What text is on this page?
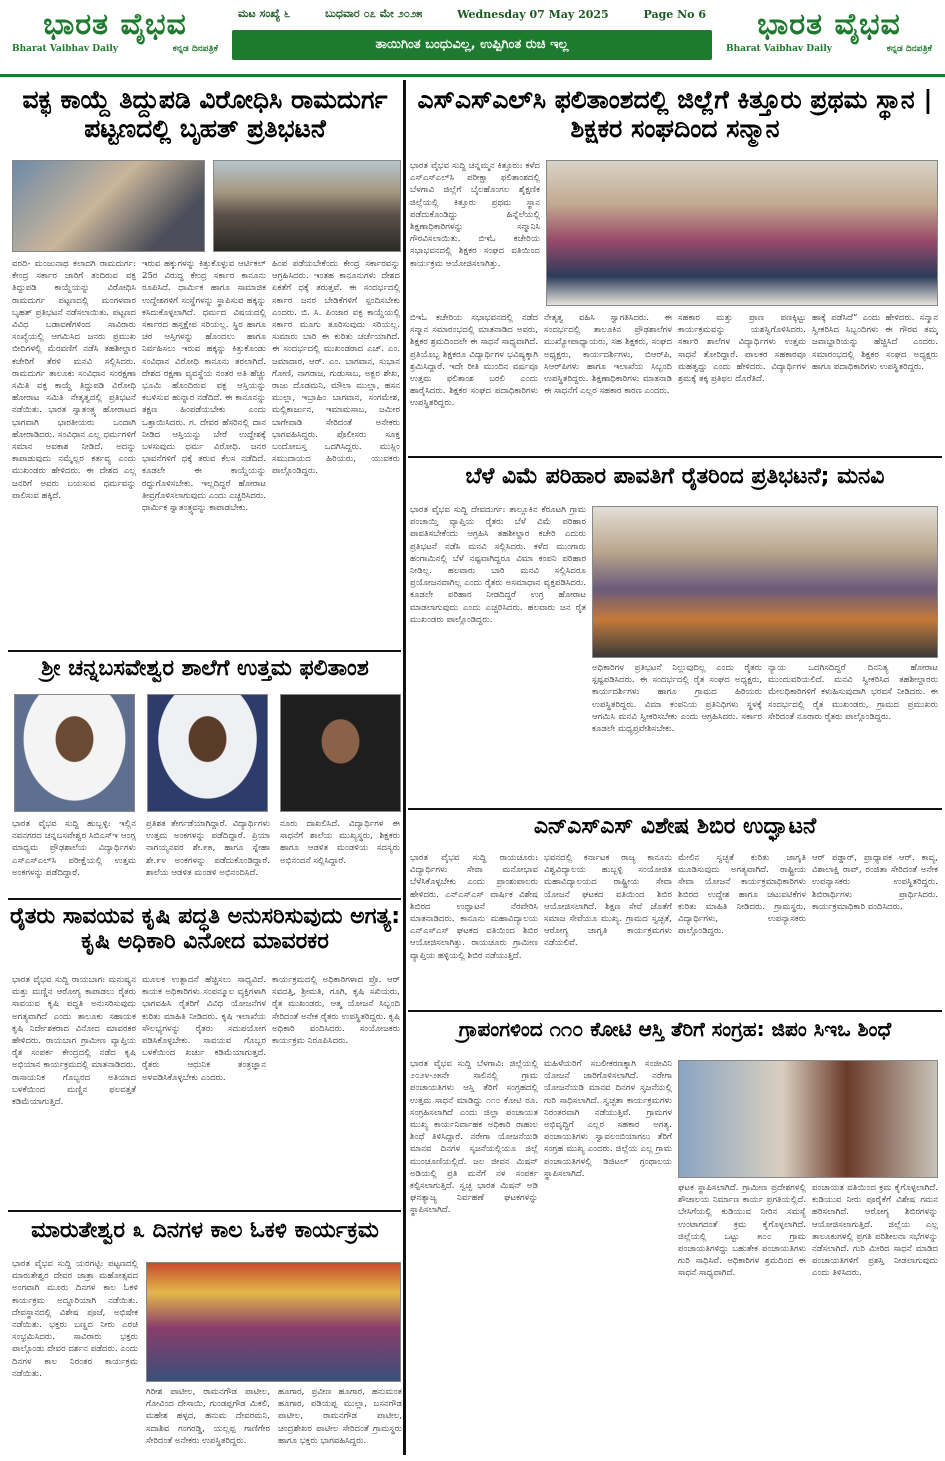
ಭಾರತ ವೈಭವ
Bharat Vaibhav Daily	ಕನ್ನಡ ದಿನಪತ್ರಿಕೆ
ಮಟ ಸಂಖ್ಯೆ ೬	ಬುಧವಾರ ೦೭ ಮೇ ೨೦೨೫	Wednesday 07 May 2025	Page No 6
ತಾಯಿಗಿಂತ ಬಂಧುವಿಲ್ಲ, ಉಪ್ಪಿಗಿಂತ ರುಚಿ ಇಲ್ಲ
ಭಾರತ ವೈಭವ
Bharat Vaibhav Daily	ಕನ್ನಡ ದಿನಪತ್ರಿಕೆ
ವಕ್ಫ ಕಾಯ್ದೆ ತಿದ್ದುಪಡಿ ವಿರೋಧಿಸಿ ರಾಮದುರ್ಗ ಪಟ್ಟಣದಲ್ಲಿ ಬೃಹತ್ ಪ್ರತಿಭಟನೆ
ವರದಿ- ಮಂಜುನಾಥ ಕಲಾದಗಿ ರಾಮದುರ್ಗ: ಕೇಂದ್ರ ಸರ್ಕಾರ ಜಾರಿಗೆ ತಂದಿರುವ ವಕ್ಫ ತಿದ್ದುಪಡಿ ಕಾಯ್ದೆಯನ್ನು ವಿರೋಧಿಸಿ ರಾಮದುರ್ಗ ಪಟ್ಟಣದಲ್ಲಿ ಮಂಗಳವಾರ ಬೃಹತ್ ಪ್ರತಿಭಟನೆ ನಡೆಸಲಾಯಿತು. ಪಟ್ಟಣದ ವಿವಿಧ ಬಡಾವಣೆಗಳಿಂದ ಸಾವಿರಾರು ಸಂಖ್ಯೆಯಲ್ಲಿ ಆಗಮಿಸಿದ ಜನರು ಪ್ರಮುಖ ಬೀದಿಗಳಲ್ಲಿ ಮೆರವಣಿಗೆ ನಡೆಸಿ ತಹಶೀಲ್ದಾರ ಕಚೇರಿಗೆ ತೆರಳಿ ಮನವಿ ಸಲ್ಲಿಸಿದರು. ರಾಮದುರ್ಗ ತಾಲೂಕು ಸಂವಿಧಾನ ಸಂರಕ್ಷಣಾ ಸಮಿತಿ ವಕ್ಫ ಕಾಯ್ದೆ ತಿದ್ದುಪಡಿ ವಿರೋಧಿ ಹೋರಾಟ ಸಮಿತಿ ನೇತೃತ್ವದಲ್ಲಿ ಪ್ರತಿಭಟನೆ ನಡೆಯಿತು. ಭಾರತ ಸ್ವಾತಂತ್ರ್ಯ ಹೋರಾಟದ ಭಾಗವಾಗಿ ಭಾರತೀಯರು ಒಂದಾಗಿ ಹೋರಾಡಿದರು. ಸಂವಿಧಾನ ಎಲ್ಲ ಧರ್ಮಗಳಿಗೆ ಸಮಾನ ಅವಕಾಶ ನೀಡಿದೆ. ಅದನ್ನು ಕಾಪಾಡುವುದು ನಮ್ಮೆಲ್ಲರ ಕರ್ತವ್ಯ ಎಂದು ಮುಖಂಡರು ಹೇಳಿದರು. ಈ ದೇಶದ ಎಲ್ಲ ಜನರಿಗೆ ಅವರು ಬಯಸುವ ಧರ್ಮವನ್ನು ಪಾಲಿಸುವ ಹಕ್ಕಿದೆ.
ಇರುವ ಹಕ್ಕುಗಳನ್ನು ಕಿತ್ತುಕೊಳ್ಳುವ ಆರ್ಟಿಕಲ್ 25ರ ವಿರುದ್ಧ ಕೇಂದ್ರ ಸರ್ಕಾರ ಕಾನೂನು ರೂಪಿಸಿದೆ. ಧಾರ್ಮಿಕ ಹಾಗೂ ಸಾಮಾಜಿಕ ಉದ್ದೇಶಗಳಿಗೆ ಸಂಸ್ಥೆಗಳನ್ನು ಸ್ಥಾಪಿಸುವ ಹಕ್ಕನ್ನು ಕಸಿದುಕೊಳ್ಳಲಾಗಿದೆ. ಧರ್ಮದ ವಿಷಯದಲ್ಲಿ ಸರ್ಕಾರದ ಹಸ್ತಕ್ಷೇಪ ಸರಿಯಲ್ಲ. ಸ್ಥಿರ ಹಾಗೂ ಚರ ಆಸ್ತಿಗಳನ್ನು ಹೊಂದಲು ಹಾಗೂ ನಿರ್ವಹಿಸಲು ಇರುವ ಹಕ್ಕನ್ನು ಕಿತ್ತುಕೊಂಡು ಸಂವಿಧಾನ ವಿರೋಧಿ ಕಾನೂನು ತರಲಾಗಿದೆ. ದೇಶದ ರಕ್ಷಣಾ ವ್ಯವಸ್ಥೆಯ ನಂತರ ಅತಿ ಹೆಚ್ಚು ಭೂಮಿ ಹೊಂದಿರುವ ವಕ್ಫ ಆಸ್ತಿಯನ್ನು ಕಬಳಿಸುವ ಹುನ್ನಾರ ನಡೆದಿದೆ. ಈ ಕಾನೂನನ್ನು ತಕ್ಷಣ ಹಿಂಪಡೆಯಬೇಕು ಎಂದು ಒತ್ತಾಯಿಸಿದರು. ಗ. ದೇವರ ಹೆಸರಿನಲ್ಲಿ ದಾನ ನೀಡಿದ ಆಸ್ತಿಯನ್ನು ಬೇರೆ ಉದ್ದೇಶಕ್ಕೆ ಬಳಸುವುದು ಧರ್ಮ ವಿರೋಧಿ. ಜನರ ಭಾವನೆಗಳಿಗೆ ಧಕ್ಕೆ ತರುವ ಕೆಲಸ ನಡೆದಿದೆ. ಕೂಡಲೇ ಈ ಕಾಯ್ದೆಯನ್ನು ರದ್ದುಗೊಳಿಸಬೇಕು. ಇಲ್ಲದಿದ್ದರೆ ಹೋರಾಟ ತೀವ್ರಗೊಳಿಸಲಾಗುವುದು ಎಂದು ಎಚ್ಚರಿಸಿದರು. ಧಾರ್ಮಿಕ ಸ್ವಾತಂತ್ರ್ಯವನ್ನು ಕಾಪಾಡಬೇಕು.
ಹಿಂಪ ಪಡೆಯಬೇಕೆಂದು ಕೇಂದ್ರ ಸರ್ಕಾರವನ್ನು ಆಗ್ರಹಿಸಿದರು. ಇಂತಹ ಕಾನೂನುಗಳು ದೇಶದ ಏಕತೆಗೆ ಧಕ್ಕೆ ತರುತ್ತವೆ. ಈ ಸಂದರ್ಭದಲ್ಲಿ ಸರ್ಕಾರ ಜನರ ಬೇಡಿಕೆಗಳಿಗೆ ಸ್ಪಂದಿಸಬೇಕು ಎಂದರು. ಬಿ. ಸಿ. ಪಿಂಜಾರ ವಕ್ಫ ಕಾಯ್ದೆಯಲ್ಲಿ ಸರ್ಕಾರ ಮೂಗು ತೂರಿಸುವುದು ಸರಿಯಲ್ಲ. ಸುಮಾರು ಬಾರಿ ಈ ಕುರಿತು ಚರ್ಚೆಯಾಗಿದೆ. ಈ ಸಂದರ್ಭದಲ್ಲಿ ಮುಖಂಡರಾದ ಎಚ್. ಎಂ. ಜಮಾದಾರ, ಆರ್. ಎಂ. ಬಾಗವಾನ, ಸುಭಾನ ಗೋಣಿ, ನಾಗರಾಜ, ಗುಡುಸಾಬ, ಅಕ್ಬರ ಶೇಖ, ರಾಜು ದೊಡಮನಿ, ಮೌಲಾ ಮುಲ್ಲಾ, ಹಸನ ಮುಲ್ಲಾ, ಇಬ್ರಾಹಿಂ ಬಾಗವಾನ, ಸಂಗಮೇಶ, ಮಲ್ಲಿಕಾರ್ಜುನ, ಇಮಾಮಸಾಬ, ಜಮೀರ ಬಾಗೇವಾಡಿ ಸೇರಿದಂತೆ ಅನೇಕರು ಭಾಗವಹಿಸಿದ್ದರು. ಪೊಲೀಸರು ಸೂಕ್ತ ಬಂದೋಬಸ್ತ ಒದಗಿಸಿದ್ದರು. ಮುಸ್ಲಿಂ ಸಮುದಾಯದ ಹಿರಿಯರು, ಯುವಕರು ಪಾಲ್ಗೊಂಡಿದ್ದರು.
ಶ್ರೀ ಚನ್ನಬಸವೇಶ್ವರ ಶಾಲೆಗೆ ಉತ್ತಮ ಫಲಿತಾಂಶ
ಭಾರತ ವೈಭವ ಸುದ್ದಿ ಹುಬ್ಬಳ್ಳಿ: ಇಲ್ಲಿನ ನವನಗರದ ಚನ್ನಬಸವೇಶ್ವರ ಸಿಬಿಎಸ್‌ಇ ಆಂಗ್ಲ ಮಾಧ್ಯಮ ಪ್ರೌಢಶಾಲೆಯ ವಿದ್ಯಾರ್ಥಿಗಳು ಎಸ್‌ಎಸ್‌ಎಲ್‌ಸಿ ಪರೀಕ್ಷೆಯಲ್ಲಿ ಉತ್ತಮ ಅಂಕಗಳನ್ನು ಪಡೆದಿದ್ದಾರೆ.
ಪ್ರತಿಶತ ತೇರ್ಗಡೆಯಾಗಿದ್ದಾರೆ. ವಿದ್ಯಾರ್ಥಿಗಳು ಉತ್ತಮ ಅಂಕಗಳನ್ನು ಪಡೆದಿದ್ದಾರೆ. ಪ್ರಿಯಾ ನಾಗಯ್ಯನವರ ಶೇ.೯೫, ಹಾಗೂ ಸ್ನೇಹಾ ಶೇ.೯೪ ಅಂಕಗಳನ್ನು ಪಡೆದುಕೊಂಡಿದ್ದಾರೆ. ಶಾಲೆಯ ಆಡಳಿತ ಮಂಡಳಿ ಅಭಿನಂದಿಸಿದೆ.
ನೂರು ದಾಖಲಿಸಿದೆ. ವಿದ್ಯಾರ್ಥಿಗಳ ಈ ಸಾಧನೆಗೆ ಶಾಲೆಯ ಮುಖ್ಯಸ್ಥರು, ಶಿಕ್ಷಕರು ಹಾಗೂ ಆಡಳಿತ ಮಂಡಳಿಯ ಸದಸ್ಯರು ಅಭಿನಂದನೆ ಸಲ್ಲಿಸಿದ್ದಾರೆ.
ರೈತರು ಸಾವಯವ ಕೃಷಿ ಪದ್ಧತಿ ಅನುಸರಿಸುವುದು ಅಗತ್ಯ: ಕೃಷಿ ಅಧಿಕಾರಿ ವಿನೋದ ಮಾವರಕರ
ಭಾರತ ವೈಭವ ಸುದ್ದಿ ರಾಯಬಾಗ: ಮನುಷ್ಯನ ಮತ್ತು ಮಣ್ಣಿನ ಆರೋಗ್ಯ ಕಾಪಾಡಲು ರೈತರು ಸಾವಯವ ಕೃಷಿ ಪದ್ಧತಿ ಅನುಸರಿಸುವುದು ಅಗತ್ಯವಾಗಿದೆ ಎಂದು ತಾಲೂಕು ಸಹಾಯಕ ಕೃಷಿ ನಿರ್ದೇಶಕರಾದ ವಿನೋದ ಮಾವರಕರ ಹೇಳಿದರು. ರಾಯಬಾಗ ಗ್ರಾಮೀಣ ವ್ಯಾಪ್ತಿಯ ರೈತ ಸಂಪರ್ಕ ಕೇಂದ್ರದಲ್ಲಿ ನಡೆದ ಕೃಷಿ ಅಭಿಯಾನ ಕಾರ್ಯಕ್ರಮದಲ್ಲಿ ಮಾತನಾಡಿದರು. ರಾಸಾಯನಿಕ ಗೊಬ್ಬರದ ಅತಿಯಾದ ಬಳಕೆಯಿಂದ ಮಣ್ಣಿನ ಫಲವತ್ತತೆ ಕಡಿಮೆಯಾಗುತ್ತಿದೆ.
ಮೂಲಕ ಉತ್ಪಾದನೆ ಹೆಚ್ಚಿಸಲು ಸಾಧ್ಯವಿದೆ. ಕಾಯಕ ಅಧಿಕಾರಿಗಳು ಸಂಪನ್ಮೂಲ ವ್ಯಕ್ತಿಗಳಾಗಿ ಭಾಗವಹಿಸಿ ರೈತರಿಗೆ ವಿವಿಧ ಯೋಜನೆಗಳ ಕುರಿತು ಮಾಹಿತಿ ನೀಡಿದರು. ಕೃಷಿ ಇಲಾಖೆಯ ಸೌಲಭ್ಯಗಳನ್ನು ರೈತರು ಸದುಪಯೋಗ ಪಡಿಸಿಕೊಳ್ಳಬೇಕು. ಸಾವಯವ ಗೊಬ್ಬರ ಬಳಕೆಯಿಂದ ಖರ್ಚು ಕಡಿಮೆಯಾಗುತ್ತದೆ. ರೈತರು ಆಧುನಿಕ ತಂತ್ರಜ್ಞಾನ ಅಳವಡಿಸಿಕೊಳ್ಳಬೇಕು ಎಂದರು.
ಕಾರ್ಯಕ್ರಮದಲ್ಲಿ ಅಧಿಕಾರಿಗಳಾದ ಪ್ರೊ. ಆರ್ ಸವದತ್ತಿ, ಶ್ರೀಮತಿ, ಗೂಗಿ, ಕೃಷಿ ಸಖಿಯರು, ರೈತ ಮುಖಂಡರು, ಆತ್ಮ ಯೋಜನೆ ಸಿಬ್ಬಂದಿ ಸೇರಿದಂತೆ ಅನೇಕ ರೈತರು ಉಪಸ್ಥಿತರಿದ್ದರು. ಕೃಷಿ ಅಧಿಕಾರಿ ವಂದಿಸಿದರು. ಸಂಯೋಜಕರು ಕಾರ್ಯಕ್ರಮ ನಿರೂಪಿಸಿದರು.
ಮಾರುತೇಶ್ವರ ೩ ದಿನಗಳ ಕಾಲ ಓಕಳಿ ಕಾರ್ಯಕ್ರಮ
ಭಾರತ ವೈಭವ ಸುದ್ದಿ ಯರಗಟ್ಟಿ: ಪಟ್ಟಣದಲ್ಲಿ ಮಾರುತೇಶ್ವರ ದೇವರ ಜಾತ್ರಾ ಮಹೋತ್ಸವದ ಅಂಗವಾಗಿ ಮೂರು ದಿನಗಳ ಕಾಲ ಓಕಳಿ ಕಾರ್ಯಕ್ರಮ ಅದ್ದೂರಿಯಾಗಿ ನಡೆಯಿತು. ದೇವಸ್ಥಾನದಲ್ಲಿ ವಿಶೇಷ ಪೂಜೆ, ಅಭಿಷೇಕ ನಡೆಯಿತು. ಭಕ್ತರು ಬಣ್ಣದ ನೀರು ಎರಚಿ ಸಂಭ್ರಮಿಸಿದರು. ಸಾವಿರಾರು ಭಕ್ತರು ಪಾಲ್ಗೊಂಡು ದೇವರ ದರ್ಶನ ಪಡೆದರು. ಎಂದು ದಿನಗಳ ಕಾಲ ನಿರಂತರ ಕಾರ್ಯಕ್ರಮ ನಡೆಯಿತು.
ಗಿರೀಶ ಪಾಟೀಲ, ರಾಮನಗೌಡ ಪಾಟೀಲ, ಗೋವಿಂದ ದೇಸಾಯಿ, ಗುಂಡಪ್ಪಗೌಡ ಮಿಕಲಿ, ಮಹೇಶ ಹಳ್ಳದ, ಹನುಮ ದೇವರಮನಿ, ಸದಾಶಿವ ಗಂಗರಡ್ಡಿ, ಯಲ್ಲಪ್ಪ ಗಾಣಿಗೇರ ಸೇರಿದಂತೆ ಅನೇಕರು ಉಪಸ್ಥಿತರಿದ್ದರು.
ಹೂಗಾರ, ಪ್ರವೀಣ ಹೂಗಾರ, ಹನುಮಂತ ಹೂಗಾರ, ಪಡಿಯಪ್ಪ ಮುಲ್ಲಾ, ಬಸನಗೌಡ ಪಾಟೀಲ, ರಾಮನಗೌಡ ಪಾಟೀಲ, ಚಂದ್ರಶೇಖರ ಪಾಟೀಲ ಸೇರಿದಂತೆ ಗ್ರಾಮಸ್ಥರು ಹಾಗೂ ಭಕ್ತರು ಭಾಗವಹಿಸಿದ್ದರು.
ಎಸ್‌ಎಸ್‌ಎಲ್‌ಸಿ ಫಲಿತಾಂಶದಲ್ಲಿ ಜಿಲ್ಲೆಗೆ ಕಿತ್ತೂರು ಪ್ರಥಮ ಸ್ಥಾನ | ಶಿಕ್ಷಕರ ಸಂಘದಿಂದ ಸನ್ಮಾನ
ಭಾರತ ವೈಭವ ಸುದ್ದಿ ಚನ್ನಮ್ಮನ ಕಿತ್ತೂರು: ಕಳೆದ ಎಸ್‌ಎಸ್‌ಎಲ್‌ಸಿ ಪರೀಕ್ಷಾ ಫಲಿತಾಂಶದಲ್ಲಿ ಬೆಳಗಾವಿ ಜಿಲ್ಲೆಗೆ ಬೈಲಹೊಂಗಲ ಶೈಕ್ಷಣಿಕ ಜಿಲ್ಲೆಯಲ್ಲಿ ಕಿತ್ತೂರು ಪ್ರಥಮ ಸ್ಥಾನ ಪಡೆದುಕೊಂಡಿದ್ದು ಹಿನ್ನೆಲೆಯಲ್ಲಿ ಶಿಕ್ಷಣಾಧಿಕಾರಿಗಳನ್ನು ಸನ್ಮಾನಿಸಿ ಗೌರವಿಸಲಾಯಿತು. ಬಿಇಓ ಕಚೇರಿಯ ಸಭಾಭವನದಲ್ಲಿ ಶಿಕ್ಷಕರ ಸಂಘದ ವತಿಯಿಂದ ಕಾರ್ಯಕ್ರಮ ಆಯೋಜಿಸಲಾಗಿತ್ತು.
ಬಿಇಓ ಕಚೇರಿಯ ಸಭಾಭವನದಲ್ಲಿ ನಡೆದ ಸನ್ಮಾನ ಸಮಾರಂಭದಲ್ಲಿ ಮಾತನಾಡಿದ ಅವರು, ಶಿಕ್ಷಕರ ಶ್ರಮದಿಂದಲೇ ಈ ಸಾಧನೆ ಸಾಧ್ಯವಾಗಿದೆ. ಪ್ರತಿಯೊಬ್ಬ ಶಿಕ್ಷಕರೂ ವಿದ್ಯಾರ್ಥಿಗಳ ಭವಿಷ್ಯಕ್ಕಾಗಿ ಶ್ರಮಿಸಿದ್ದಾರೆ. ಇದೇ ರೀತಿ ಮುಂದಿನ ವರ್ಷವೂ ಉತ್ತಮ ಫಲಿತಾಂಶ ಬರಲಿ ಎಂದು ಹಾರೈಸಿದರು. ಶಿಕ್ಷಕರ ಸಂಘದ ಪದಾಧಿಕಾರಿಗಳು ಉಪಸ್ಥಿತರಿದ್ದರು.
ನೇತೃತ್ವ ವಹಿಸಿ ಸ್ವಾಗತಿಸಿದರು. ಈ ಸಂದರ್ಭದಲ್ಲಿ ತಾಲೂಕಿನ ಪ್ರೌಢಶಾಲೆಗಳ ಮುಖ್ಯೋಪಾಧ್ಯಾಯರು, ಸಹ ಶಿಕ್ಷಕರು, ಸಂಘದ ಅಧ್ಯಕ್ಷರು, ಕಾರ್ಯದರ್ಶಿಗಳು, ಬಿಆರ್‌ಪಿ, ಸಿಆರ್‌ಪಿಗಳು ಹಾಗೂ ಇಲಾಖೆಯ ಸಿಬ್ಬಂದಿ ಉಪಸ್ಥಿತರಿದ್ದರು. ಶಿಕ್ಷಣಾಧಿಕಾರಿಗಳು ಮಾತನಾಡಿ ಈ ಸಾಧನೆಗೆ ಎಲ್ಲರ ಸಹಕಾರ ಕಾರಣ ಎಂದರು.
ಸಹಕಾರ ಮತ್ತು ಪ್ರಾಣ ಪಣಕ್ಕಿಟ್ಟು ಕಾರ್ಯಕ್ರಮವನ್ನು ಯಶಸ್ವಿಗೊಳಿಸಿದರು. ಸರ್ಕಾರಿ ಶಾಲೆಗಳ ವಿದ್ಯಾರ್ಥಿಗಳು ಉತ್ತಮ ಸಾಧನೆ ತೋರಿದ್ದಾರೆ. ಪಾಲಕರ ಸಹಕಾರವೂ ಮಹತ್ವದ್ದು ಎಂದು ಹೇಳಿದರು. ವಿದ್ಯಾರ್ಥಿಗಳ ಶ್ರಮಕ್ಕೆ ತಕ್ಕ ಪ್ರತಿಫಲ ದೊರೆತಿದೆ.
ಹಾಕ್ಕೆ ಪಡೆಸಿದೆ” ಎಂದು ಹೇಳಿದರು. ಸನ್ಮಾನ ಸ್ವೀಕರಿಸಿದ ಸಿಬ್ಬಂದಿಗಳು ಈ ಗೌರವ ತಮ್ಮ ಜವಾಬ್ದಾರಿಯನ್ನು ಹೆಚ್ಚಿಸಿದೆ ಎಂದರು. ಸಮಾರಂಭದಲ್ಲಿ ಶಿಕ್ಷಕರ ಸಂಘದ ಅಧ್ಯಕ್ಷರು ಹಾಗೂ ಪದಾಧಿಕಾರಿಗಳು ಉಪಸ್ಥಿತರಿದ್ದರು.
ಬೆಳೆ ವಿಮೆ ಪರಿಹಾರ ಪಾವತಿಗೆ ರೈತರಿಂದ ಪ್ರತಿಭಟನೆ; ಮನವಿ
ಭಾರತ ವೈಭವ ಸುದ್ದಿ ದೇವದುರ್ಗ: ತಾಲ್ಲೂಕಿನ ಕೆರೂಟಗಿ ಗ್ರಾಮ ಪಂಚಾಯ್ತಿ ವ್ಯಾಪ್ತಿಯ ರೈತರು ಬೆಳೆ ವಿಮೆ ಪರಿಹಾರ ಪಾವತಿಸಬೇಕೆಂದು ಆಗ್ರಹಿಸಿ ತಹಶೀಲ್ದಾರ ಕಚೇರಿ ಎದುರು ಪ್ರತಿಭಟನೆ ನಡೆಸಿ ಮನವಿ ಸಲ್ಲಿಸಿದರು. ಕಳೆದ ಮುಂಗಾರು ಹಂಗಾಮಿನಲ್ಲಿ ಬೆಳೆ ನಷ್ಟವಾಗಿದ್ದರೂ ವಿಮಾ ಕಂಪನಿ ಪರಿಹಾರ ನೀಡಿಲ್ಲ. ಹಲವಾರು ಬಾರಿ ಮನವಿ ಸಲ್ಲಿಸಿದರೂ ಪ್ರಯೋಜನವಾಗಿಲ್ಲ ಎಂದು ರೈತರು ಅಸಮಾಧಾನ ವ್ಯಕ್ತಪಡಿಸಿದರು. ಕೂಡಲೇ ಪರಿಹಾರ ನೀಡದಿದ್ದರೆ ಉಗ್ರ ಹೋರಾಟ ಮಾಡಲಾಗುವುದು ಎಂದು ಎಚ್ಚರಿಸಿದರು. ಹಲವಾರು ಜನ ರೈತ ಮುಖಂಡರು ಪಾಲ್ಗೊಂಡಿದ್ದರು.
ಅಧಿಕಾರಿಗಳ ಪ್ರತಿಭಟನೆ ನಿಲ್ಲುವುದಿಲ್ಲ ಎಂದು ರೈತರು ಸ್ಪಷ್ಟಪಡಿಸಿದರು. ಈ ಸಂದರ್ಭದಲ್ಲಿ ರೈತ ಸಂಘದ ಅಧ್ಯಕ್ಷರು, ಕಾರ್ಯದರ್ಶಿಗಳು ಹಾಗೂ ಗ್ರಾಮದ ಹಿರಿಯರು ಉಪಸ್ಥಿತರಿದ್ದರು. ವಿಮಾ ಕಂಪನಿಯ ಪ್ರತಿನಿಧಿಗಳು ಸ್ಥಳಕ್ಕೆ ಆಗಮಿಸಿ ಮನವಿ ಸ್ವೀಕರಿಸಬೇಕು ಎಂದು ಆಗ್ರಹಿಸಿದರು. ಸರ್ಕಾರ ಕೂಡಲೇ ಮಧ್ಯಪ್ರವೇಶಿಸಬೇಕು.
ನ್ಯಾಯ ಒದಗಿಸದಿದ್ದರೆ ದಿನನಿತ್ಯ ಹೋರಾಟ ಮುಂದುವರಿಯಲಿದೆ. ಮನವಿ ಸ್ವೀಕರಿಸಿದ ತಹಶೀಲ್ದಾರರು ಮೇಲಧಿಕಾರಿಗಳಿಗೆ ಕಳುಹಿಸುವುದಾಗಿ ಭರವಸೆ ನೀಡಿದರು. ಈ ಸಂದರ್ಭದಲ್ಲಿ ರೈತ ಮುಖಂಡರು, ಗ್ರಾಮದ ಪ್ರಮುಖರು ಸೇರಿದಂತೆ ನೂರಾರು ರೈತರು ಪಾಲ್ಗೊಂಡಿದ್ದರು.
ಎನ್‌ಎಸ್‌ಎಸ್ ವಿಶೇಷ ಶಿಬಿರ ಉದ್ಘಾಟನೆ
ಭಾರತ ವೈಭವ ಸುದ್ದಿ ರಾಯಚೂರು: ವಿದ್ಯಾರ್ಥಿಗಳು ಸೇವಾ ಮನೋಭಾವ ಬೆಳೆಸಿಕೊಳ್ಳಬೇಕು ಎಂದು ಪ್ರಾಂಶುಪಾಲರು ಹೇಳಿದರು. ಎನ್‌ಎಸ್‌ಎಸ್ ವಾರ್ಷಿಕ ವಿಶೇಷ ಶಿಬಿರದ ಉದ್ಘಾಟನೆ ನೆರವೇರಿಸಿ ಮಾತನಾಡಿದರು. ಕಾನೂನು ಮಹಾವಿದ್ಯಾಲಯ ಎನ್‌ಎಸ್‌ಎಸ್ ಘಟಕದ ವತಿಯಿಂದ ಶಿಬಿರ ಆಯೋಜಿಸಲಾಗಿತ್ತು. ರಾಯಚೂರು ಗ್ರಾಮೀಣ ವ್ಯಾಪ್ತಿಯ ಹಳ್ಳಿಯಲ್ಲಿ ಶಿಬಿರ ನಡೆಯುತ್ತಿದೆ.
ಭವನದಲ್ಲಿ ಕರ್ನಾಟಕ ರಾಜ್ಯ ಕಾನೂನು ವಿಶ್ವವಿದ್ಯಾಲಯ ಹುಬ್ಬಳ್ಳಿ ಸಂಯೋಜಿತ ಮಹಾವಿದ್ಯಾಲಯದ ರಾಷ್ಟ್ರೀಯ ಸೇವಾ ಯೋಜನೆ ಘಟಕದ ವತಿಯಿಂದ ಶಿಬಿರ ಆಯೋಜಿಸಲಾಗಿದೆ. ಶಿಕ್ಷಣ ಸೇವೆ ಜೊತೆಗೆ ಸಮಾಜ ಸೇವೆಯೂ ಮುಖ್ಯ. ಗ್ರಾಮದ ಸ್ವಚ್ಛತೆ, ಆರೋಗ್ಯ ಜಾಗೃತಿ ಕಾರ್ಯಕ್ರಮಗಳು ನಡೆಯಲಿವೆ.
ಮೇಲಿನ ಸ್ವಚ್ಛತೆ ಕುರಿತು ಜಾಗೃತಿ ಮೂಡಿಸುವುದು ಅಗತ್ಯವಾಗಿದೆ. ರಾಷ್ಟ್ರೀಯ ಸೇವಾ ಯೋಜನೆ ಕಾರ್ಯಕ್ರಮಾಧಿಕಾರಿಗಳು ಶಿಬಿರದ ಉದ್ದೇಶ ಹಾಗೂ ಚಟುವಟಿಕೆಗಳ ಕುರಿತು ಮಾಹಿತಿ ನೀಡಿದರು. ಗ್ರಾಮಸ್ಥರು, ವಿದ್ಯಾರ್ಥಿಗಳು, ಉಪನ್ಯಾಸಕರು ಪಾಲ್ಗೊಂಡಿದ್ದರು.
ಆರ್ ಪಡ್ಡಾರ್, ಪ್ರಾಧ್ಯಾಪಕ ಆರ್. ಕಾವ್ಯ, ವಿಶಾಲಾಕ್ಷಿ ರಾವ್, ರಂಜಿತಾ ಸೇರಿದಂತೆ ಅನೇಕ ಉಪನ್ಯಾಸಕರು ಉಪಸ್ಥಿತರಿದ್ದರು. ಶಿಬಿರಾರ್ಥಿಗಳು ಪ್ರಾರ್ಥಿಸಿದರು. ಕಾರ್ಯಕ್ರಮಾಧಿಕಾರಿ ವಂದಿಸಿದರು.
ಗ್ರಾಪಂಗಳಿಂದ ೧೧೦ ಕೋಟಿ ಆಸ್ತಿ ತೆರಿಗೆ ಸಂಗ್ರಹ: ಜಿಪಂ ಸಿಇಒ ಶಿಂಧೆ
ಭಾರತ ವೈಭವ ಸುದ್ದಿ ಬೆಳಗಾವಿ: ಜಿಲ್ಲೆಯಲ್ಲಿ ೨೦೨೪-೨೫ನೇ ಸಾಲಿನಲ್ಲಿ ಗ್ರಾಮ ಪಂಚಾಯತಿಗಳು ಆಸ್ತಿ ತೆರಿಗೆ ಸಂಗ್ರಹದಲ್ಲಿ ಉತ್ತಮ ಸಾಧನೆ ಮಾಡಿದ್ದು ೧೧೦ ಕೋಟಿ ರೂ. ಸಂಗ್ರಹಿಸಲಾಗಿದೆ ಎಂದು ಜಿಲ್ಲಾ ಪಂಚಾಯತ ಮುಖ್ಯ ಕಾರ್ಯನಿರ್ವಾಹಕ ಅಧಿಕಾರಿ ರಾಹುಲ ಶಿಂಧೆ ತಿಳಿಸಿದ್ದಾರೆ. ನರೇಗಾ ಯೋಜನೆಯಡಿ ಮಾನವ ದಿನಗಳ ಸೃಜನೆಯಲ್ಲಿಯೂ ಜಿಲ್ಲೆ ಮುಂಚೂಣಿಯಲ್ಲಿದೆ. ಜಲ ಜೀವನ ಮಿಷನ್ ಅಡಿಯಲ್ಲಿ ಪ್ರತಿ ಮನೆಗೆ ನಳ ಸಂಪರ್ಕ ಕಲ್ಪಿಸಲಾಗುತ್ತಿದೆ. ಸ್ವಚ್ಛ ಭಾರತ ಮಿಷನ್ ಅಡಿ ಘನತ್ಯಾಜ್ಯ ನಿರ್ವಹಣೆ ಘಟಕಗಳನ್ನು ಸ್ಥಾಪಿಸಲಾಗಿದೆ.
ಮಹಿಳೆಯರಿಗೆ ಸಬಲೀಕರಣಕ್ಕಾಗಿ ಸಂಜೀವಿನಿ ಯೋಜನೆ ಜಾರಿಗೊಳಿಸಲಾಗಿದೆ. ನರೇಗಾ ಯೋಜನೆಯಡಿ ಮಾನವ ದಿನಗಳ ಸೃಜನೆಯಲ್ಲಿ ಗುರಿ ಸಾಧಿಸಲಾಗಿದೆ. ಸ್ವಚ್ಛತಾ ಕಾರ್ಯಕ್ರಮಗಳು ನಿರಂತರವಾಗಿ ನಡೆಯುತ್ತಿವೆ. ಗ್ರಾಮಗಳ ಅಭಿವೃದ್ಧಿಗೆ ಎಲ್ಲರ ಸಹಕಾರ ಅಗತ್ಯ. ಪಂಚಾಯತಿಗಳು ಸ್ವಾವಲಂಬಿಯಾಗಲು ತೆರಿಗೆ ಸಂಗ್ರಹ ಮುಖ್ಯ ಎಂದರು. ಜಿಲ್ಲೆಯ ಎಲ್ಲ ಗ್ರಾಮ ಪಂಚಾಯತಿಗಳಲ್ಲಿ ಡಿಜಿಟಲ್ ಗ್ರಂಥಾಲಯ ಸ್ಥಾಪಿಸಲಾಗಿದೆ.
ಘಟಕ ಸ್ಥಾಪಿಸಲಾಗಿದೆ. ಗ್ರಾಮೀಣ ಪ್ರದೇಶಗಳಲ್ಲಿ ಶೌಚಾಲಯ ನಿರ್ಮಾಣ ಕಾರ್ಯ ಪ್ರಗತಿಯಲ್ಲಿದೆ. ಬೇಸಿಗೆಯಲ್ಲಿ ಕುಡಿಯುವ ನೀರಿನ ಸಮಸ್ಯೆ ಉಂಟಾಗದಂತೆ ಕ್ರಮ ಕೈಗೊಳ್ಳಲಾಗಿದೆ. ಜಿಲ್ಲೆಯಲ್ಲಿ ಒಟ್ಟು ೫೦೦ ಗ್ರಾಮ ಪಂಚಾಯತಿಗಳಿದ್ದು ಬಹುತೇಕ ಪಂಚಾಯತಿಗಳು ಗುರಿ ಸಾಧಿಸಿವೆ. ಅಧಿಕಾರಿಗಳ ಶ್ರಮದಿಂದ ಈ ಸಾಧನೆ ಸಾಧ್ಯವಾಗಿದೆ.
ಪಂಚಾಯತ ವತಿಯಿಂದ ಕ್ರಮ ಕೈಗೊಳ್ಳಲಾಗಿದೆ. ಕುಡಿಯುವ ನೀರು ಪೂರೈಕೆಗೆ ವಿಶೇಷ ಗಮನ ಹರಿಸಲಾಗಿದೆ. ಆರೋಗ್ಯ ಶಿಬಿರಗಳನ್ನು ಆಯೋಜಿಸಲಾಗುತ್ತಿದೆ. ಜಿಲ್ಲೆಯ ಎಲ್ಲ ತಾಲೂಕುಗಳಲ್ಲಿ ಪ್ರಗತಿ ಪರಿಶೀಲನಾ ಸಭೆಗಳನ್ನು ನಡೆಸಲಾಗಿದೆ. ಗುರಿ ಮೀರಿದ ಸಾಧನೆ ಮಾಡಿದ ಪಂಚಾಯತಿಗಳಿಗೆ ಪ್ರಶಸ್ತಿ ನೀಡಲಾಗುವುದು ಎಂದು ತಿಳಿಸಿದರು.
